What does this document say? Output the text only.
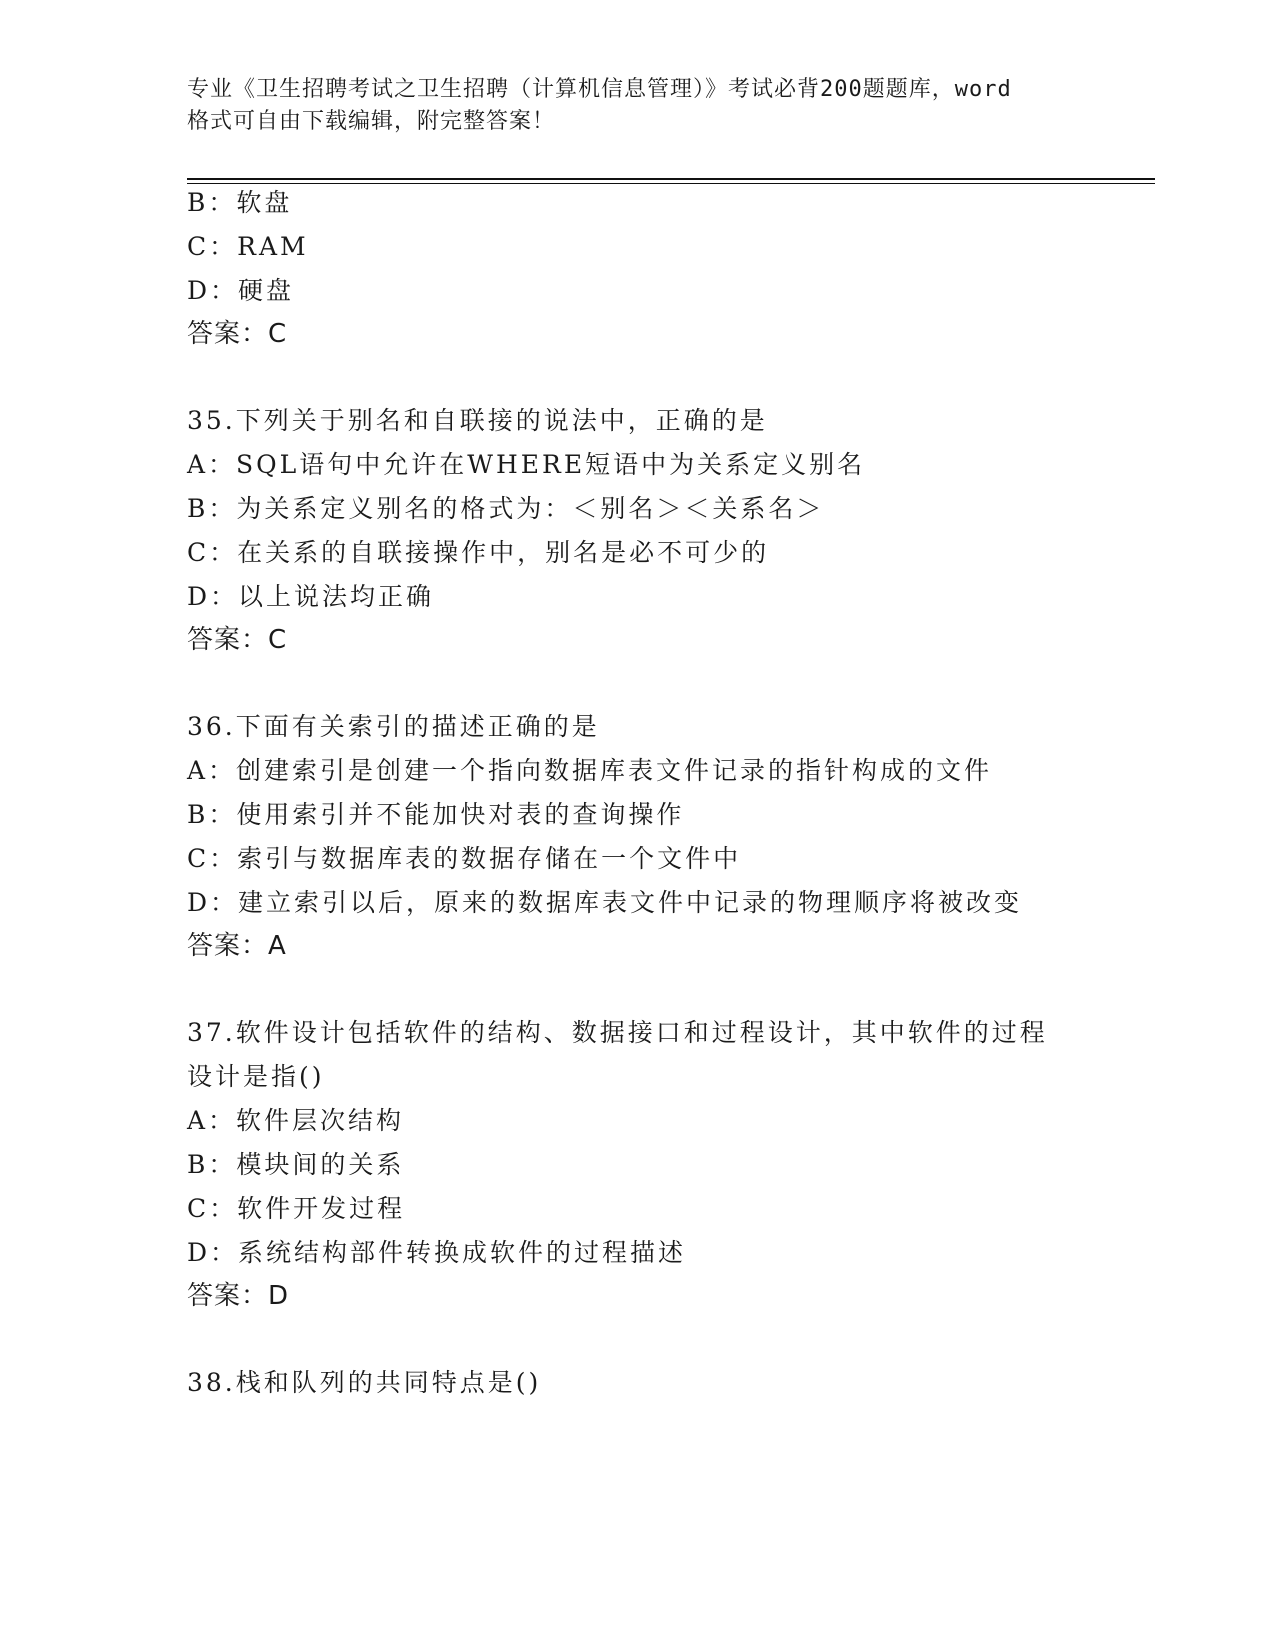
专业《卫生招聘考试之卫生招聘（计算机信息管理）》考试必背200题题库，word
格式可自由下载编辑，附完整答案！
B：软盘
C：RAM
D：硬盘
答案：C
35.下列关于别名和自联接的说法中，正确的是
A：SQL语句中允许在WHERE短语中为关系定义别名
B：为关系定义别名的格式为：＜别名＞＜关系名＞
C：在关系的自联接操作中，别名是必不可少的
D：以上说法均正确
答案：C
36.下面有关索引的描述正确的是
A：创建索引是创建一个指向数据库表文件记录的指针构成的文件
B：使用索引并不能加快对表的查询操作
C：索引与数据库表的数据存储在一个文件中
D：建立索引以后，原来的数据库表文件中记录的物理顺序将被改变
答案：A
37.软件设计包括软件的结构、数据接口和过程设计，其中软件的过程
设计是指()
A：软件层次结构
B：模块间的关系
C：软件开发过程
D：系统结构部件转换成软件的过程描述
答案：D
38.栈和队列的共同特点是()
